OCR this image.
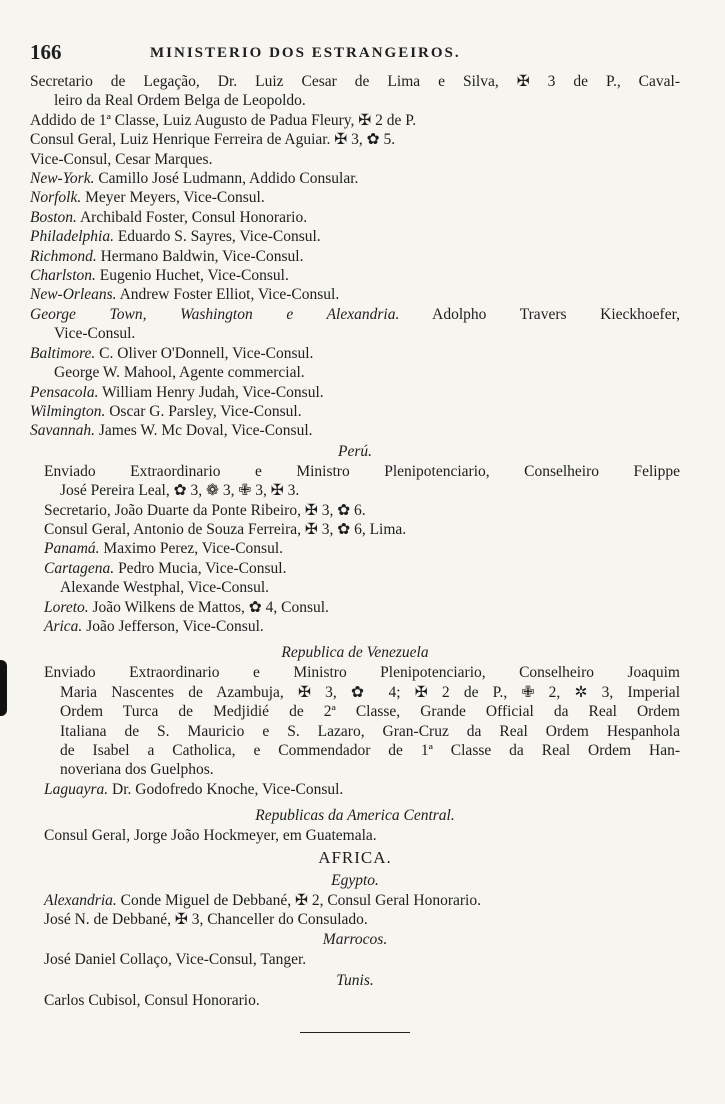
166	MINISTERIO DOS ESTRANGEIROS.
Secretario de Legação, Dr. Luiz Cesar de Lima e Silva, ✠ 3 de P., Caval-
leiro da Real Ordem Belga de Leopoldo.
Addido de 1ª Classe, Luiz Augusto de Padua Fleury, ✠ 2 de P.
Consul Geral, Luiz Henrique Ferreira de Aguiar. ✠ 3, ✿ 5.
Vice-Consul, Cesar Marques.
New-York. Camillo José Ludmann, Addido Consular.
Norfolk. Meyer Meyers, Vice-Consul.
Boston. Archibald Foster, Consul Honorario.
Philadelphia. Eduardo S. Sayres, Vice-Consul.
Richmond. Hermano Baldwin, Vice-Consul.
Charlston. Eugenio Huchet, Vice-Consul.
New-Orleans. Andrew Foster Elliot, Vice-Consul.
George Town, Washington e Alexandria. Adolpho Travers Kieckhoefer,
Vice-Consul.
Baltimore. C. Oliver O'Donnell, Vice-Consul.
George W. Mahool, Agente commercial.
Pensacola. William Henry Judah, Vice-Consul.
Wilmington. Oscar G. Parsley, Vice-Consul.
Savannah. James W. Mc Doval, Vice-Consul.
Perú.
Enviado Extraordinario e Ministro Plenipotenciario, Conselheiro Felippe
José Pereira Leal, ✿ 3, ❁ 3, ✙ 3, ✠ 3.
Secretario, João Duarte da Ponte Ribeiro, ✠ 3, ✿ 6.
Consul Geral, Antonio de Souza Ferreira, ✠ 3, ✿ 6, Lima.
Panamá. Maximo Perez, Vice-Consul.
Cartagena. Pedro Mucia, Vice-Consul.
Alexande Westphal, Vice-Consul.
Loreto. João Wilkens de Mattos, ✿ 4, Consul.
Arica. João Jefferson, Vice-Consul.
Republica de Venezuela
Enviado Extraordinario e Ministro Plenipotenciario, Conselheiro Joaquim
Maria Nascentes de Azambuja, ✠ 3, ✿ 4; ✠ 2 de P., ✙ 2, ✲ 3, Imperial
Ordem Turca de Medjidié de 2ª Classe, Grande Official da Real Ordem
Italiana de S. Mauricio e S. Lazaro, Gran-Cruz da Real Ordem Hespanhola
de Isabel a Catholica, e Commendador de 1ª Classe da Real Ordem Han-
noveriana dos Guelphos.
Laguayra. Dr. Godofredo Knoche, Vice-Consul.
Republicas da America Central.
Consul Geral, Jorge João Hockmeyer, em Guatemala.
AFRICA.
Egypto.
Alexandria. Conde Miguel de Debbané, ✠ 2, Consul Geral Honorario.
José N. de Debbané, ✠ 3, Chanceller do Consulado.
Marrocos.
José Daniel Collaço, Vice-Consul, Tanger.
Tunis.
Carlos Cubisol, Consul Honorario.
